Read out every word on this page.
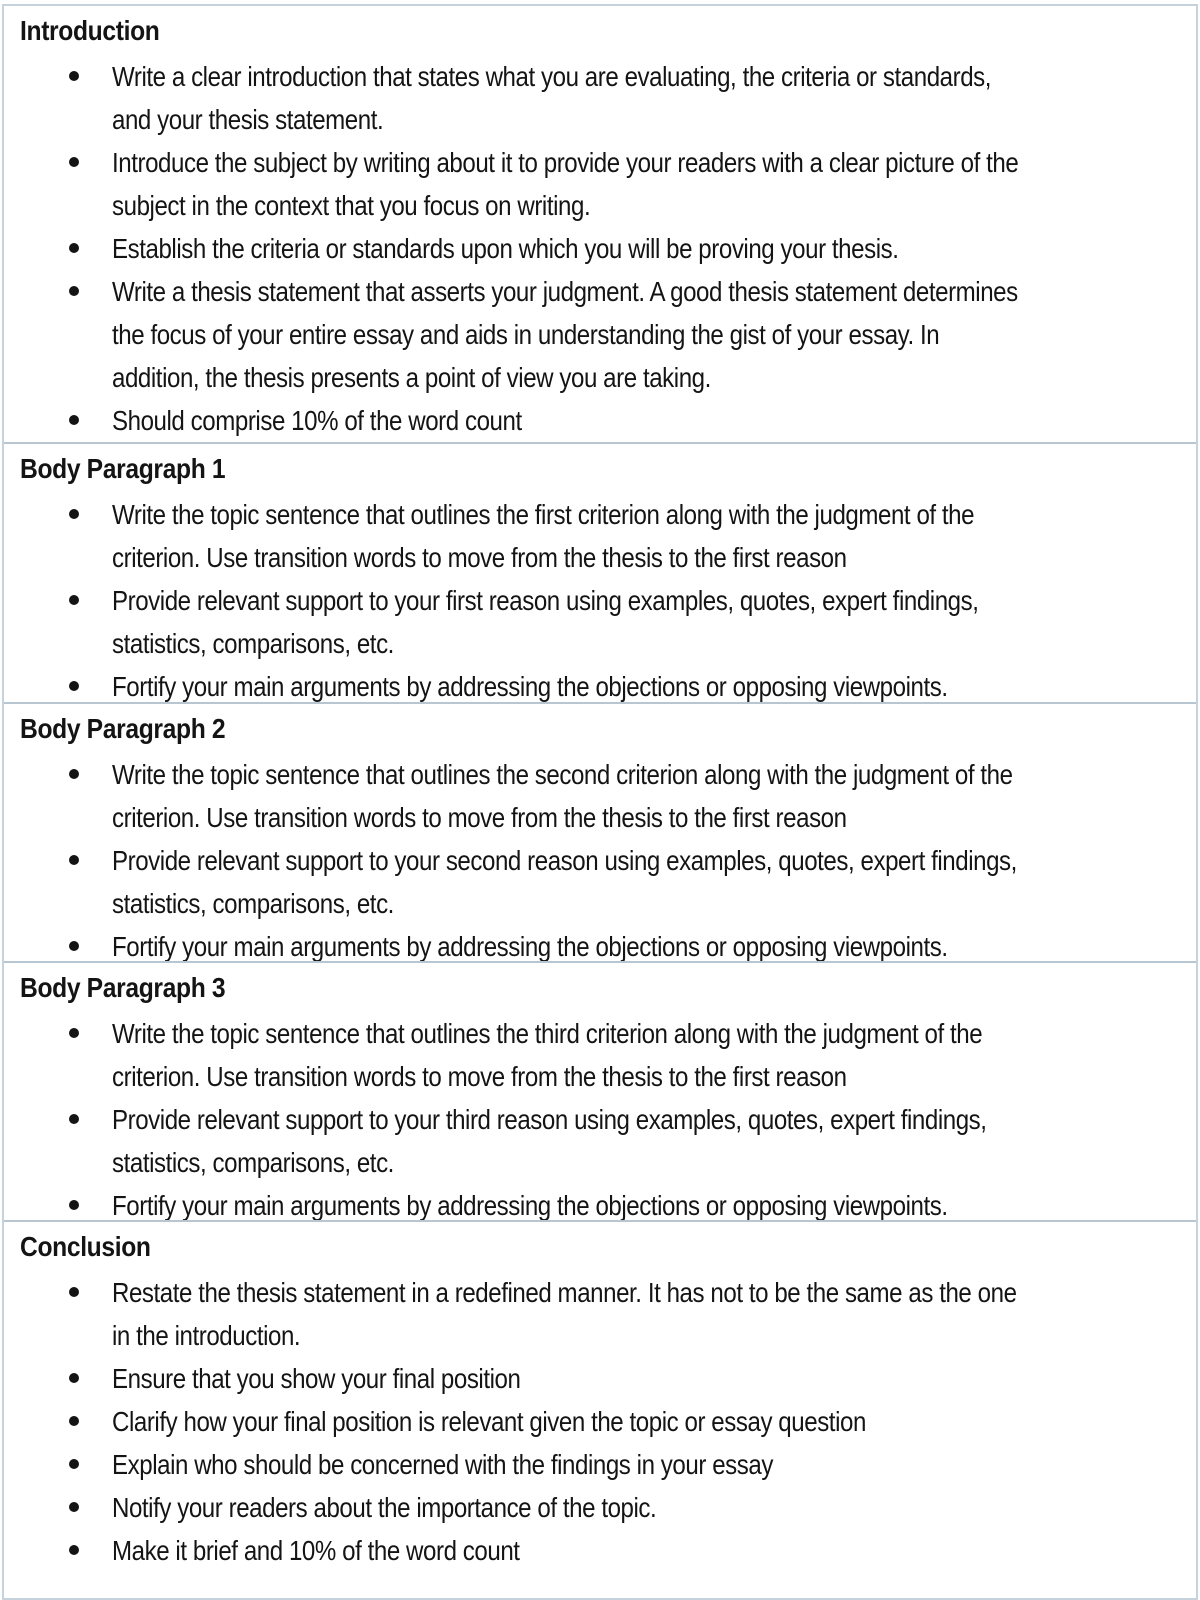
Introduction
Write a clear introduction that states what you are evaluating, the criteria or standards,
and your thesis statement.
Introduce the subject by writing about it to provide your readers with a clear picture of the
subject in the context that you focus on writing.
Establish the criteria or standards upon which you will be proving your thesis.
Write a thesis statement that asserts your judgment. A good thesis statement determines
the focus of your entire essay and aids in understanding the gist of your essay. In
addition, the thesis presents a point of view you are taking.
Should comprise 10% of the word count
Body Paragraph 1
Write the topic sentence that outlines the first criterion along with the judgment of the
criterion. Use transition words to move from the thesis to the first reason
Provide relevant support to your first reason using examples, quotes, expert findings,
statistics, comparisons, etc.
Fortify your main arguments by addressing the objections or opposing viewpoints.
Body Paragraph 2
Write the topic sentence that outlines the second criterion along with the judgment of the
criterion. Use transition words to move from the thesis to the first reason
Provide relevant support to your second reason using examples, quotes, expert findings,
statistics, comparisons, etc.
Fortify your main arguments by addressing the objections or opposing viewpoints.
Body Paragraph 3
Write the topic sentence that outlines the third criterion along with the judgment of the
criterion. Use transition words to move from the thesis to the first reason
Provide relevant support to your third reason using examples, quotes, expert findings,
statistics, comparisons, etc.
Fortify your main arguments by addressing the objections or opposing viewpoints.
Conclusion
Restate the thesis statement in a redefined manner. It has not to be the same as the one
in the introduction.
Ensure that you show your final position
Clarify how your final position is relevant given the topic or essay question
Explain who should be concerned with the findings in your essay
Notify your readers about the importance of the topic.
Make it brief and 10% of the word count
